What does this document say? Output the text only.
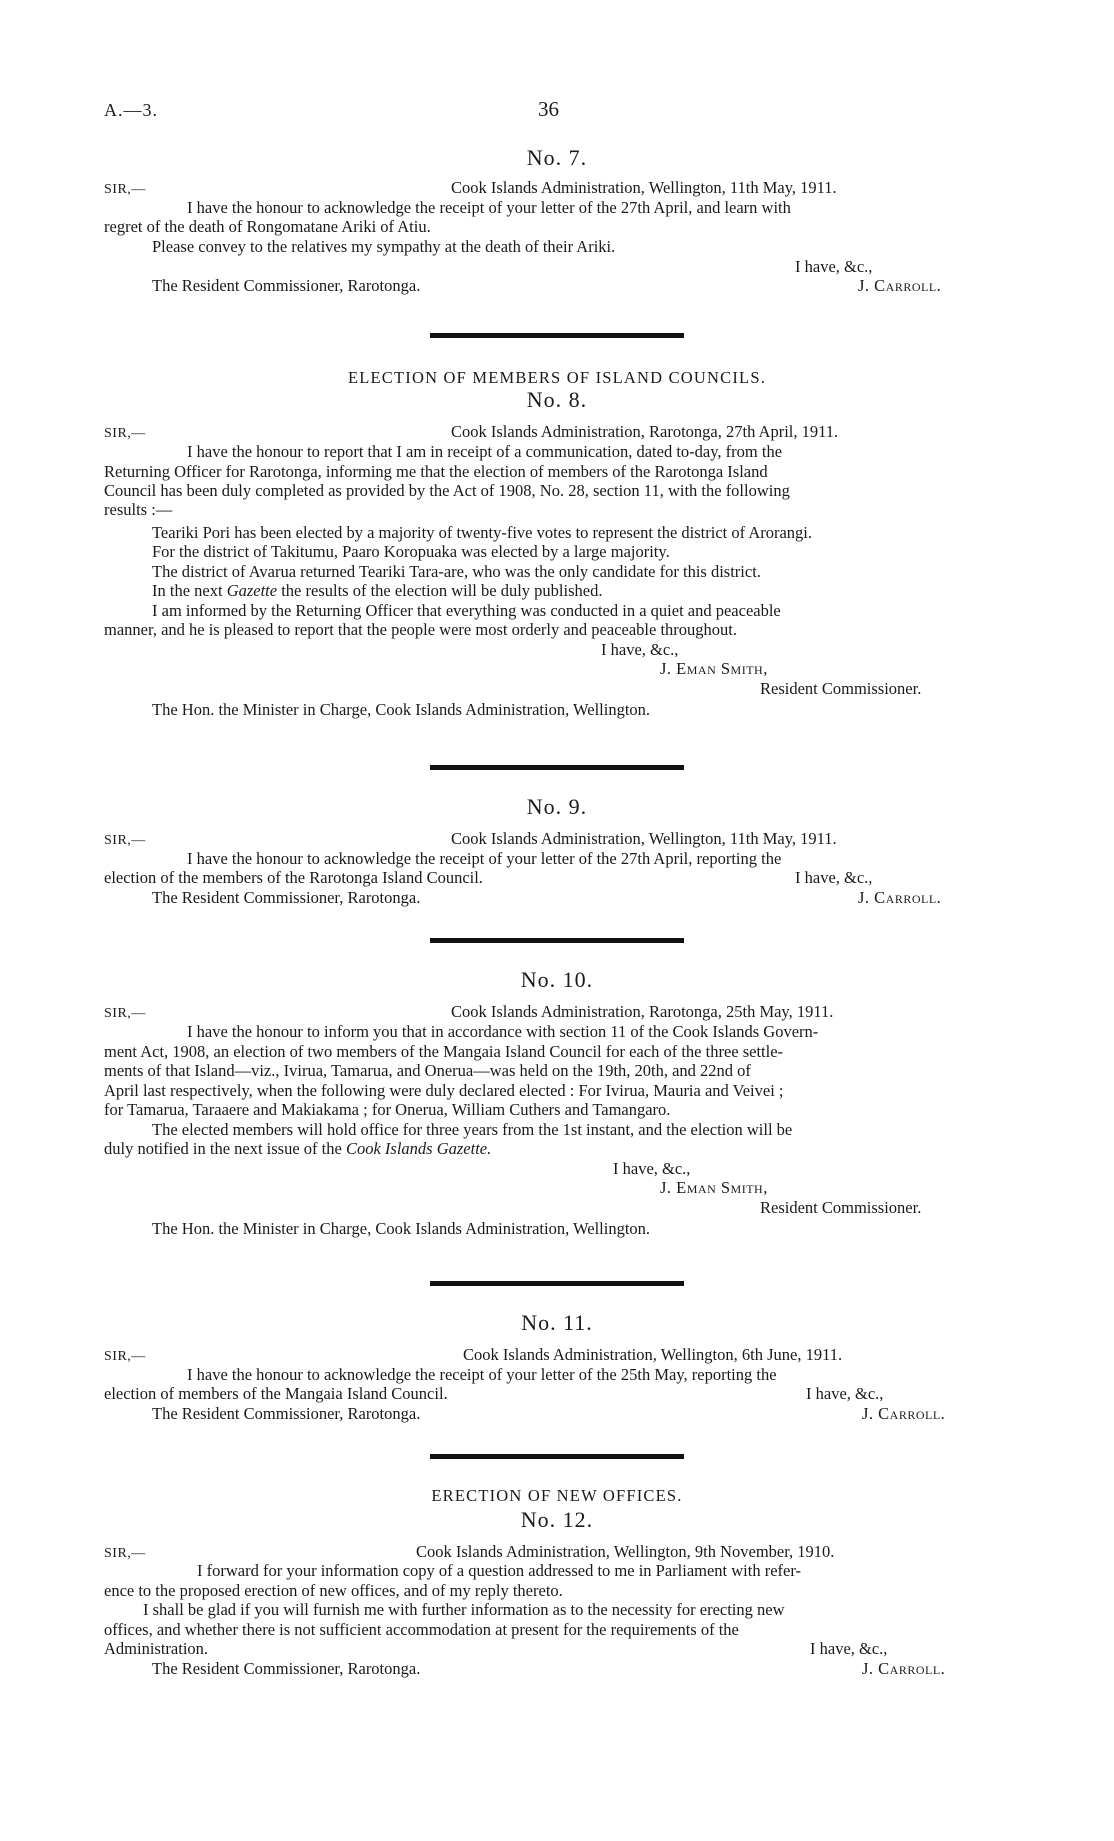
A.—3.	36
No. 7.
SIR,—	Cook Islands Administration, Wellington, 11th May, 1911.
I have the honour to acknowledge the receipt of your letter of the 27th April, and learn with
regret of the death of Rongomatane Ariki of Atiu.
Please convey to the relatives my sympathy at the death of their Ariki.
I have, &c.,
The Resident Commissioner, Rarotonga.	J. Carroll.
ELECTION OF MEMBERS OF ISLAND COUNCILS.
No. 8.
SIR,—	Cook Islands Administration, Rarotonga, 27th April, 1911.
I have the honour to report that I am in receipt of a communication, dated to-day, from the
Returning Officer for Rarotonga, informing me that the election of members of the Rarotonga Island
Council has been duly completed as provided by the Act of 1908, No. 28, section 11, with the following
results :—
Teariki Pori has been elected by a majority of twenty-five votes to represent the district of Arorangi.
For the district of Takitumu, Paaro Koropuaka was elected by a large majority.
The district of Avarua returned Teariki Tara-are, who was the only candidate for this district.
In the next Gazette the results of the election will be duly published.
I am informed by the Returning Officer that everything was conducted in a quiet and peaceable
manner, and he is pleased to report that the people were most orderly and peaceable throughout.
I have, &c.,
J. Eman Smith,
Resident Commissioner.
The Hon. the Minister in Charge, Cook Islands Administration, Wellington.
No. 9.
SIR,—	Cook Islands Administration, Wellington, 11th May, 1911.
I have the honour to acknowledge the receipt of your letter of the 27th April, reporting the
election of the members of the Rarotonga Island Council.	I have, &c.,
The Resident Commissioner, Rarotonga.	J. Carroll.
No. 10.
SIR,—	Cook Islands Administration, Rarotonga, 25th May, 1911.
I have the honour to inform you that in accordance with section 11 of the Cook Islands Govern-
ment Act, 1908, an election of two members of the Mangaia Island Council for each of the three settle-
ments of that Island—viz., Ivirua, Tamarua, and Onerua—was held on the 19th, 20th, and 22nd of
April last respectively, when the following were duly declared elected : For Ivirua, Mauria and Veivei ;
for Tamarua, Taraaere and Makiakama ; for Onerua, William Cuthers and Tamangaro.
The elected members will hold office for three years from the 1st instant, and the election will be
duly notified in the next issue of the Cook Islands Gazette.
I have, &c.,
J. Eman Smith,
Resident Commissioner.
The Hon. the Minister in Charge, Cook Islands Administration, Wellington.
No. 11.
SIR,—	Cook Islands Administration, Wellington, 6th June, 1911.
I have the honour to acknowledge the receipt of your letter of the 25th May, reporting the
election of members of the Mangaia Island Council.	I have, &c.,
The Resident Commissioner, Rarotonga.	J. Carroll.
ERECTION OF NEW OFFICES.
No. 12.
SIR,—	Cook Islands Administration, Wellington, 9th November, 1910.
I forward for your information copy of a question addressed to me in Parliament with refer-
ence to the proposed erection of new offices, and of my reply thereto.
I shall be glad if you will furnish me with further information as to the necessity for erecting new
offices, and whether there is not sufficient accommodation at present for the requirements of the
Administration.	I have, &c.,
The Resident Commissioner, Rarotonga.	J. Carroll.
